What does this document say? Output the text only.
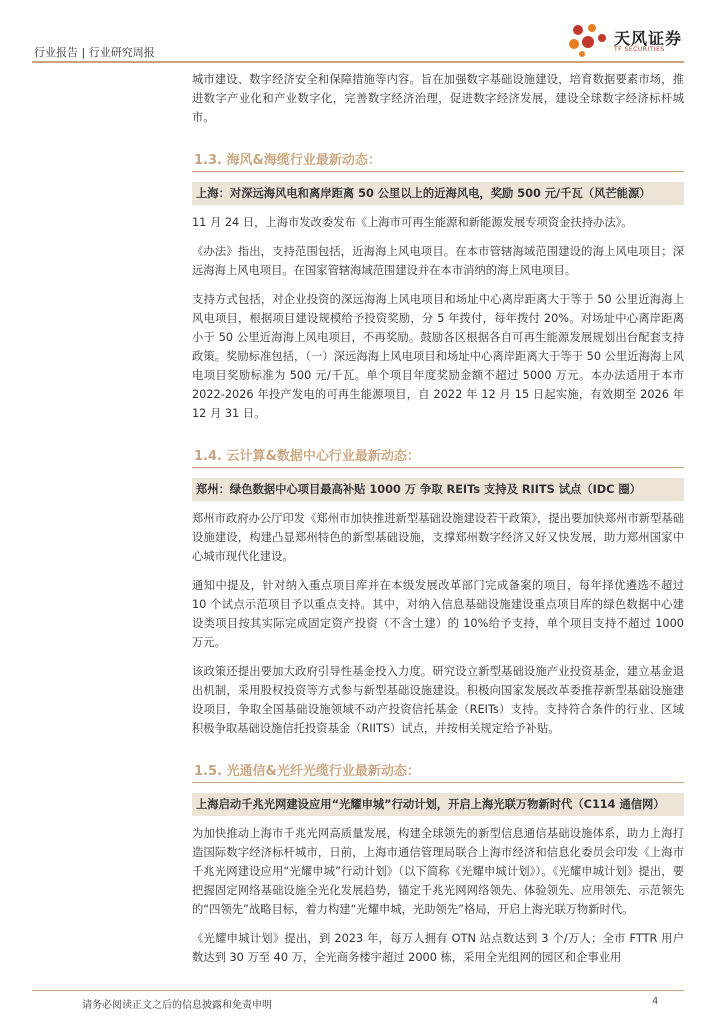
行业报告 | 行业研究周报
天风证券
TF SECURITIES

城市建设、数字经济安全和保障措施等内容。旨在加强数字基础设施建设，培育数据要素市场，推进数字产业化和产业数字化，完善数字经济治理，促进数字经济发展，建设全球数字经济标杆城市。

1.3. 海风&海缆行业最新动态：
上海：对深远海风电和离岸距离 50 公里以上的近海风电，奖励 500 元/千瓦（风芒能源）

11 月 24 日，上海市发改委发布《上海市可再生能源和新能源发展专项资金扶持办法》。

《办法》指出，支持范围包括，近海海上风电项目。在本市管辖海域范围建设的海上风电项目；深远海海上风电项目。在国家管辖海域范围建设并在本市消纳的海上风电项目。

支持方式包括，对企业投资的深远海海上风电项目和场址中心离岸距离大于等于 50 公里近海海上风电项目，根据项目建设规模给予投资奖励，分 5 年拨付，每年拨付 20%。对场址中心离岸距离小于 50 公里近海海上风电项目，不再奖励。鼓励各区根据各自可再生能源发展规划出台配套支持政策。奖励标准包括，（一）深远海海上风电项目和场址中心离岸距离大于等于 50 公里近海海上风电项目奖励标准为 500 元/千瓦。单个项目年度奖励金额不超过 5000 万元。本办法适用于本市 2022-2026 年投产发电的可再生能源项目，自 2022 年 12 月 15 日起实施，有效期至 2026 年 12 月 31 日。

1.4. 云计算&数据中心行业最新动态：
郑州：绿色数据中心项目最高补贴 1000 万 争取 REITs 支持及 RIITS 试点（IDC 圈）

郑州市政府办公厅印发《郑州市加快推进新型基础设施建设若干政策》，提出要加快郑州市新型基础设施建设，构建凸显郑州特色的新型基础设施，支撑郑州数字经济又好又快发展，助力郑州国家中心城市现代化建设。

通知中提及，针对纳入重点项目库并在本级发展改革部门完成备案的项目，每年择优遴选不超过 10 个试点示范项目予以重点支持。其中，对纳入信息基础设施建设重点项目库的绿色数据中心建设类项目按其实际完成固定资产投资（不含土建）的 10%给予支持，单个项目支持不超过 1000 万元。

该政策还提出要加大政府引导性基金投入力度。研究设立新型基础设施产业投资基金，建立基金退出机制，采用股权投资等方式参与新型基础设施建设。积极向国家发展改革委推荐新型基础设施建设项目，争取全国基础设施领域不动产投资信托基金（REITs）支持。支持符合条件的行业、区域积极争取基础设施信托投资基金（RIITS）试点，并按相关规定给予补贴。

1.5. 光通信&光纤光缆行业最新动态：
上海启动千兆光网建设应用“光耀申城”行动计划，开启上海光联万物新时代（C114 通信网）

为加快推动上海市千兆光网高质量发展，构建全球领先的新型信息通信基础设施体系，助力上海打造国际数字经济标杆城市，日前，上海市通信管理局联合上海市经济和信息化委员会印发《上海市千兆光网建设应用“光耀申城”行动计划》（以下简称《光耀申城计划》）。《光耀申城计划》提出，要把握固定网络基础设施全光化发展趋势，锚定千兆光网网络领先、体验领先、应用领先、示范领先的“四领先”战略目标，着力构建“光耀申城，光助领先”格局，开启上海光联万物新时代。

《光耀申城计划》提出，到 2023 年，每万人拥有 OTN 站点数达到 3 个/万人；全市 FTTR 用户数达到 30 万至 40 万，全光商务楼宇超过 2000 栋，采用全光组网的园区和企事业用

请务必阅读正文之后的信息披露和免责申明	4
